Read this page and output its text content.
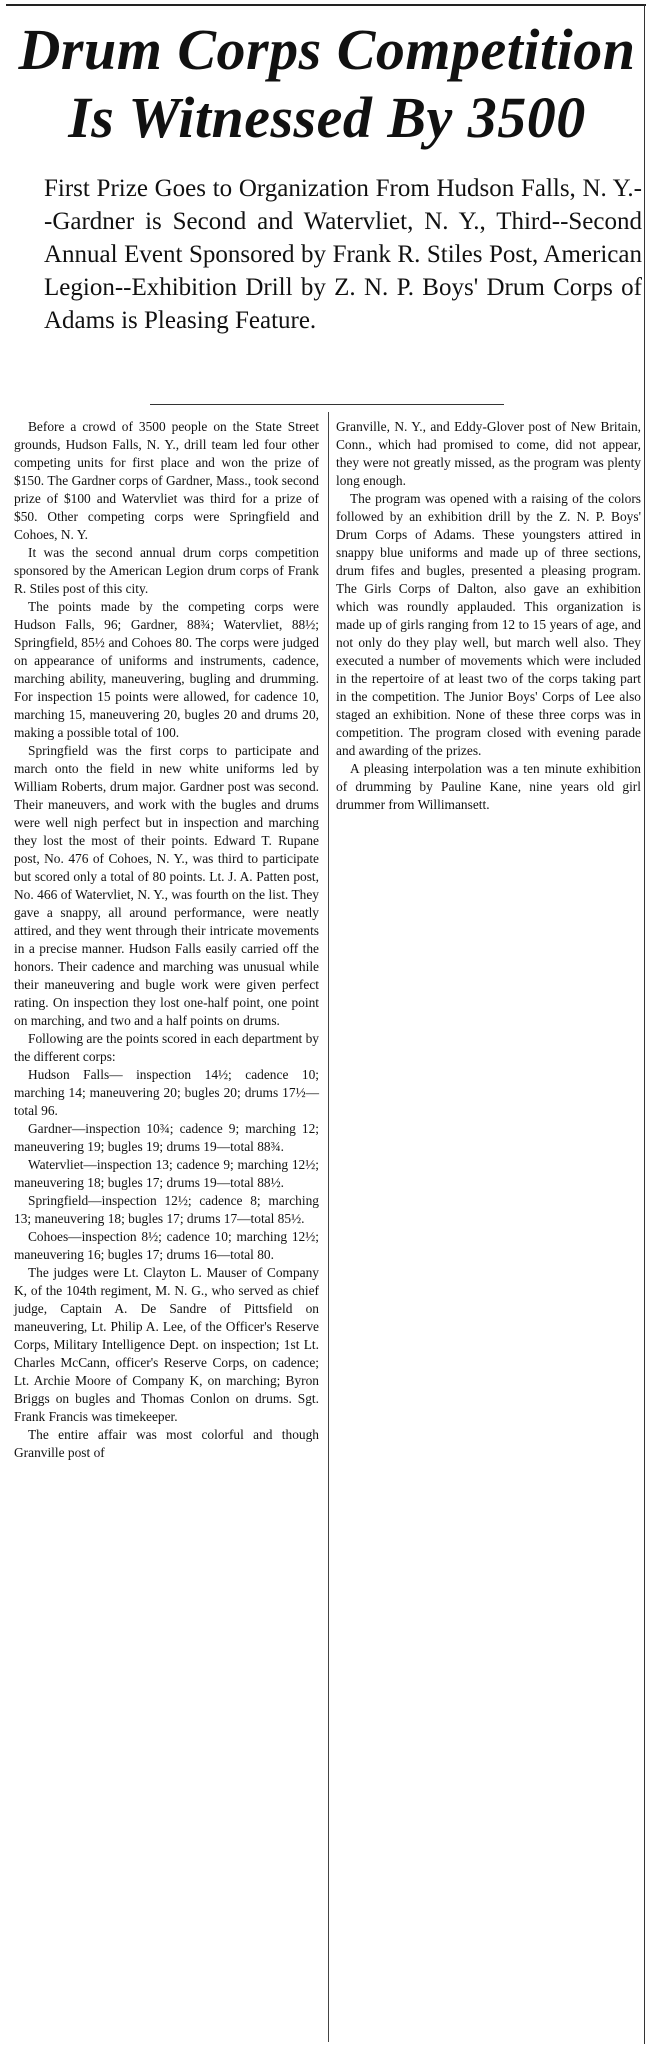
Drum Corps Competition
Is Witnessed By 3500

First Prize Goes to Organization From Hudson Falls, N. Y.--Gardner is Second and Watervliet, N. Y., Third--Second Annual Event Sponsored by Frank R. Stiles Post, American Legion--Exhibition Drill by Z. N. P. Boys' Drum Corps of Adams is Pleasing Feature.

Before a crowd of 3500 people on the State Street grounds, Hudson Falls, N. Y., drill team led four other competing units for first place and won the prize of $150. The Gardner corps of Gardner, Mass., took second prize of $100 and Watervliet was third for a prize of $50. Other competing corps were Springfield and Cohoes, N. Y.

It was the second annual drum corps competition sponsored by the American Legion drum corps of Frank R. Stiles post of this city.

The points made by the competing corps were Hudson Falls, 96; Gardner, 88¾; Watervliet, 88½; Springfield, 85½ and Cohoes 80. The corps were judged on appearance of uniforms and instruments, cadence, marching ability, maneuvering, bugling and drumming. For inspection 15 points were allowed, for cadence 10, marching 15, maneuvering 20, bugles 20 and drums 20, making a possible total of 100.

Springfield was the first corps to participate and march onto the field in new white uniforms led by William Roberts, drum major. Gardner post was second. Their maneuvers, and work with the bugles and drums were well nigh perfect but in inspection and marching they lost the most of their points. Edward T. Rupane post, No. 476 of Cohoes, N. Y., was third to participate but scored only a total of 80 points. Lt. J. A. Patten post, No. 466 of Watervliet, N. Y., was fourth on the list. They gave a snappy, all around performance, were neatly attired, and they went through their intricate movements in a precise manner. Hudson Falls easily carried off the honors. Their cadence and marching was unusual while their maneuvering and bugle work were given perfect rating. On inspection they lost one-half point, one point on marching, and two and a half points on drums.

Following are the points scored in each department by the different corps:

Hudson Falls— inspection 14½; cadence 10; marching 14; maneuvering 20; bugles 20; drums 17½—total 96.

Gardner—inspection 10¾; cadence 9; marching 12; maneuvering 19; bugles 19; drums 19—total 88¾.

Watervliet—inspection 13; cadence 9; marching 12½; maneuvering 18; bugles 17; drums 19—total 88½.

Springfield—inspection 12½; cadence 8; marching 13; maneuvering 18; bugles 17; drums 17—total 85½.

Cohoes—inspection 8½; cadence 10; marching 12½; maneuvering 16; bugles 17; drums 16—total 80.

The judges were Lt. Clayton L. Mauser of Company K, of the 104th regiment, M. N. G., who served as chief judge, Captain A. De Sandre of Pittsfield on maneuvering, Lt. Philip A. Lee, of the Officer's Reserve Corps, Military Intelligence Dept. on inspection; 1st Lt. Charles McCann, officer's Reserve Corps, on cadence; Lt. Archie Moore of Company K, on marching; Byron Briggs on bugles and Thomas Conlon on drums. Sgt. Frank Francis was timekeeper.

The entire affair was most colorful and though Granville post of

Granville, N. Y., and Eddy-Glover post of New Britain, Conn., which had promised to come, did not appear, they were not greatly missed, as the program was plenty long enough.

The program was opened with a raising of the colors followed by an exhibition drill by the Z. N. P. Boys' Drum Corps of Adams. These youngsters attired in snappy blue uniforms and made up of three sections, drum fifes and bugles, presented a pleasing program. The Girls Corps of Dalton, also gave an exhibition which was roundly applauded. This organization is made up of girls ranging from 12 to 15 years of age, and not only do they play well, but march well also. They executed a number of movements which were included in the repertoire of at least two of the corps taking part in the competition. The Junior Boys' Corps of Lee also staged an exhibition. None of these three corps was in competition. The program closed with evening parade and awarding of the prizes.

A pleasing interpolation was a ten minute exhibition of drumming by Pauline Kane, nine years old girl drummer from Willimansett.
